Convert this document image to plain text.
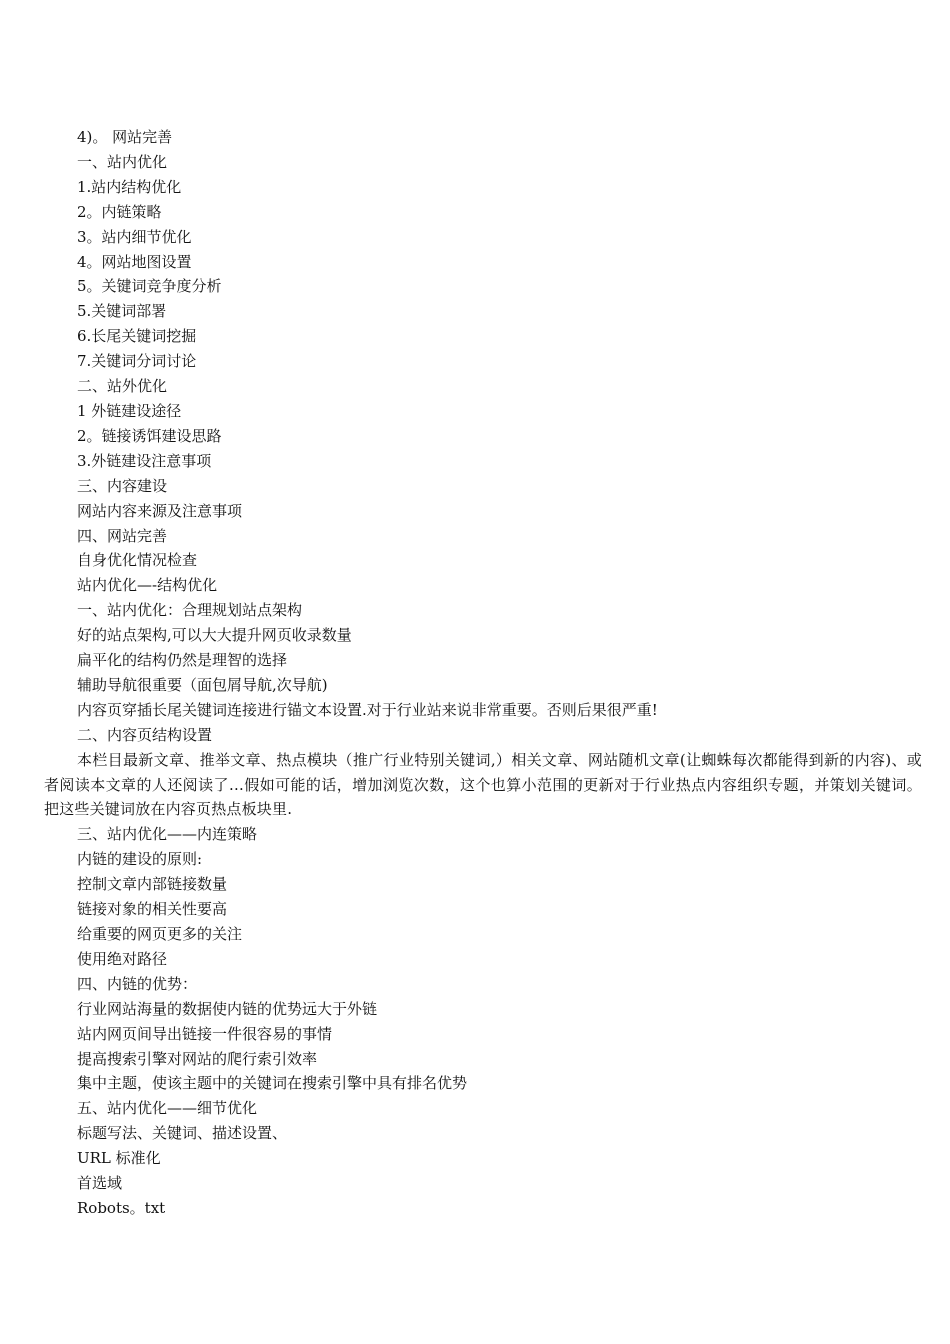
4)。 网站完善

一、站内优化

1.站内结构优化

2。内链策略

3。站内细节优化

4。网站地图设置

5。关键词竞争度分析

5.关键词部署

6.长尾关键词挖掘

7.关键词分词讨论

二、站外优化

1 外链建设途径

2。链接诱饵建设思路

3.外链建设注意事项

三、内容建设

网站内容来源及注意事项

四、网站完善

自身优化情况检查

站内优化—-结构优化

一、站内优化：合理规划站点架构

好的站点架构,可以大大提升网页收录数量

扁平化的结构仍然是理智的选择

辅助导航很重要（面包屑导航,次导航)

内容页穿插长尾关键词连接进行锚文本设置.对于行业站来说非常重要。否则后果很严重!

二、内容页结构设置

本栏目最新文章、推举文章、热点模块（推广行业特别关键词,）相关文章、网站随机文章(让蜘蛛每次都能得到新的内容)、或者阅读本文章的人还阅读了…假如可能的话，增加浏览次数，这个也算小范围的更新对于行业热点内容组织专题，并策划关键词。把这些关键词放在内容页热点板块里.

三、站内优化——内连策略

内链的建设的原则:

控制文章内部链接数量

链接对象的相关性要高

给重要的网页更多的关注

使用绝对路径

四、内链的优势：

行业网站海量的数据使内链的优势远大于外链

站内网页间导出链接一件很容易的事情

提高搜索引擎对网站的爬行索引效率

集中主题，使该主题中的关键词在搜索引擎中具有排名优势

五、站内优化——细节优化

标题写法、关键词、描述设置、

URL 标准化

首选域

Robots。txt
